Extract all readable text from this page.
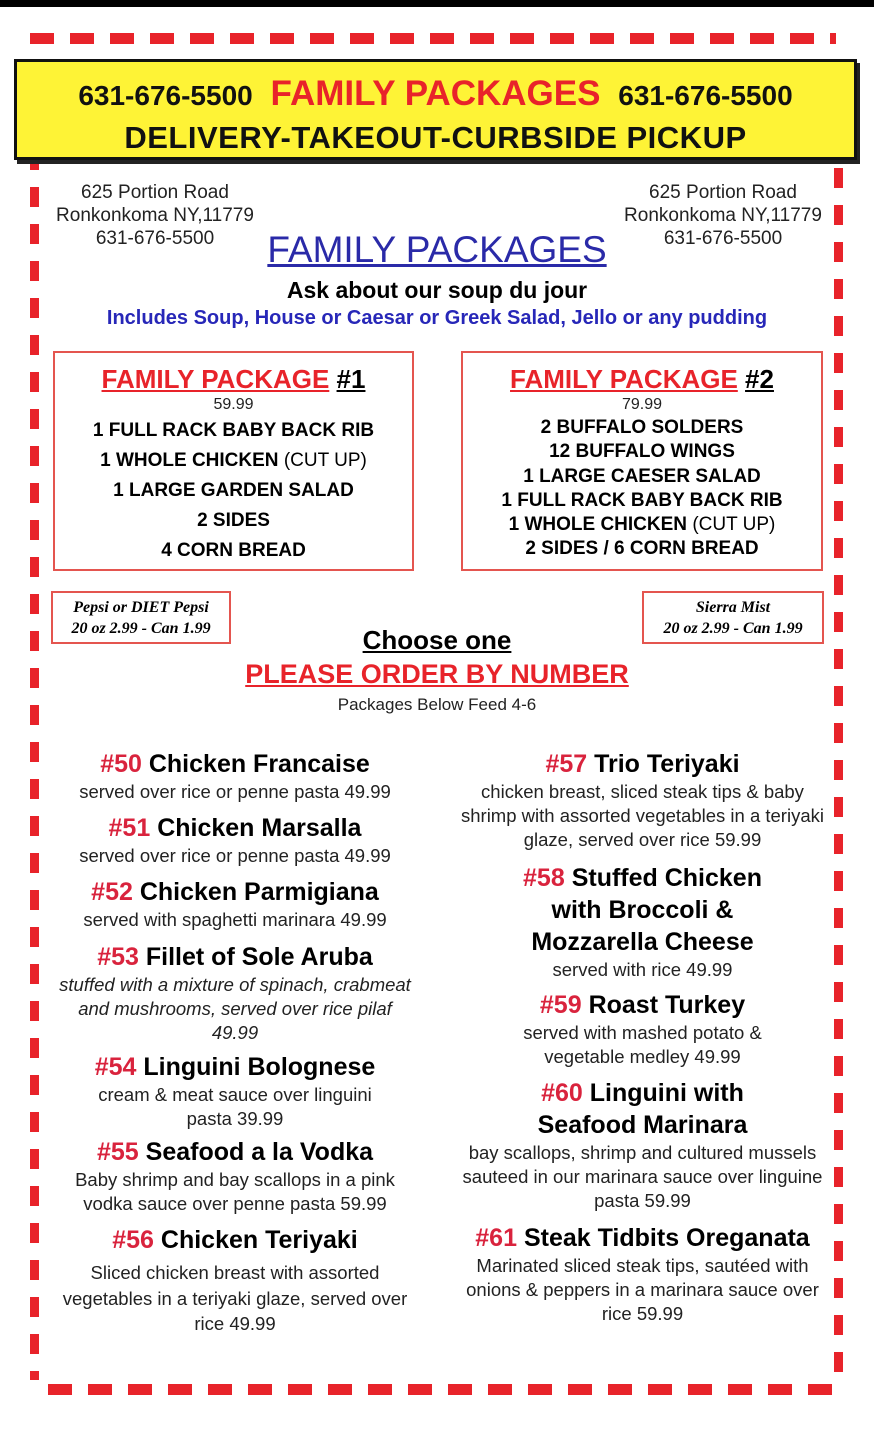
631-676-5500 FAMILY PACKAGES 631-676-5500
DELIVERY-TAKEOUT-CURBSIDE PICKUP
625 Portion Road
Ronkonkoma NY,11779
631-676-5500
625 Portion Road
Ronkonkoma NY,11779
631-676-5500
FAMILY PACKAGES
Ask about our soup du jour
Includes Soup, House or Caesar or Greek Salad, Jello or any pudding
FAMILY PACKAGE #1
59.99
1 FULL RACK BABY BACK RIB
1 WHOLE CHICKEN (CUT UP)
1 LARGE GARDEN SALAD
2 SIDES
4 CORN BREAD
FAMILY PACKAGE #2
79.99
2 BUFFALO SOLDERS
12 BUFFALO WINGS
1 LARGE CAESER SALAD
1 FULL RACK BABY BACK RIB
1 WHOLE CHICKEN (CUT UP)
2 SIDES / 6 CORN BREAD
Pepsi or DIET Pepsi
20 oz 2.99 - Can 1.99
Sierra Mist
20 oz 2.99 - Can 1.99
Choose one
PLEASE ORDER BY NUMBER
Packages Below Feed 4-6
#50 Chicken Francaise
served over rice or penne pasta 49.99
#51 Chicken Marsalla
served over rice or penne pasta 49.99
#52 Chicken Parmigiana
served with spaghetti marinara 49.99
#53 Fillet of Sole Aruba
stuffed with a mixture of spinach, crabmeat and mushrooms, served over rice pilaf 49.99
#54 Linguini Bolognese
cream & meat sauce over linguini pasta 39.99
#55 Seafood a la Vodka
Baby shrimp and bay scallops in a pink vodka sauce over penne pasta 59.99
#56 Chicken Teriyaki
Sliced chicken breast with assorted vegetables in a teriyaki glaze, served over rice 49.99
#57 Trio Teriyaki
chicken breast, sliced steak tips & baby shrimp with assorted vegetables in a teriyaki glaze, served over rice 59.99
#58 Stuffed Chicken with Broccoli & Mozzarella Cheese
served with rice 49.99
#59 Roast Turkey
served with mashed potato & vegetable medley 49.99
#60 Linguini with Seafood Marinara
bay scallops, shrimp and cultured mussels sauteed in our marinara sauce over linguine pasta 59.99
#61 Steak Tidbits Oreganata
Marinated sliced steak tips, sautéed with onions & peppers in a marinara sauce over rice 59.99
